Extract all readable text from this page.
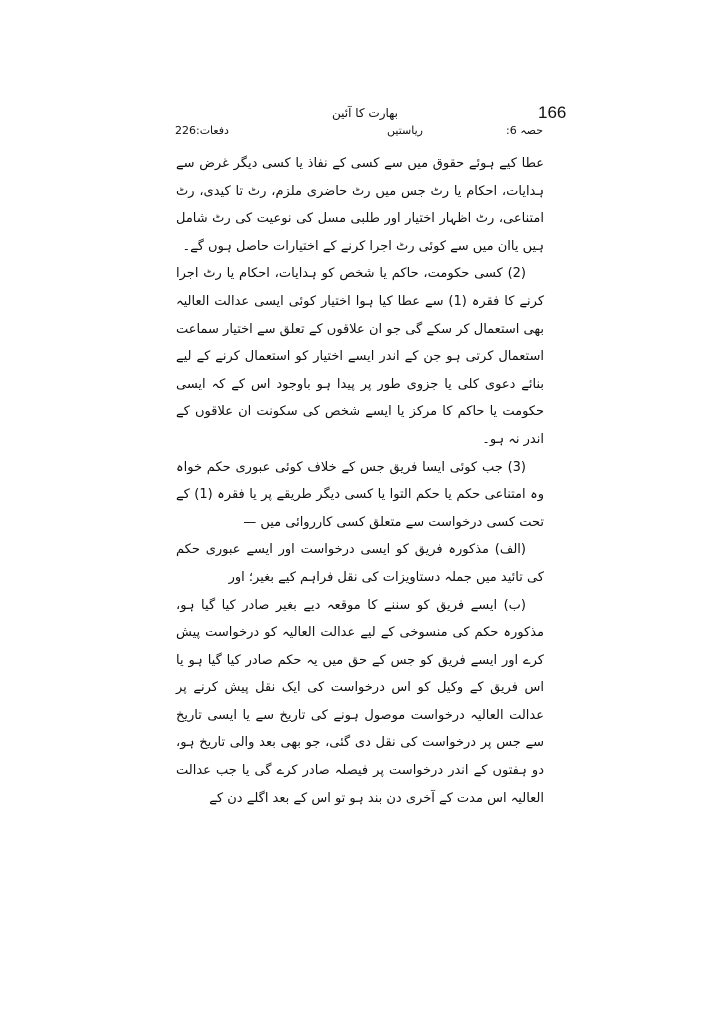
166
بھارت کا آئین
حصہ 6:
ریاستیں
دفعات:226

عطا کیے ہوئے حقوق میں سے کسی کے نفاذ یا کسی دیگر غرض سے ہدایات، احکام یا رٹ جس میں رٹ حاضری ملزم، رٹ تا کیدی، رٹ امتناعی، رٹ اظہار اختیار اور طلبی مسل کی نوعیت کی رٹ شامل ہیں یاان میں سے کوئی رٹ اجرا کرنے کے اختیارات حاصل ہوں گے۔

(2) کسی حکومت، حاکم یا شخص کو ہدایات، احکام یا رٹ اجرا کرنے کا فقرہ (1) سے عطا کیا ہوا اختیار کوئی ایسی عدالت العالیہ بھی استعمال کر سکے گی جو ان علاقوں کے تعلق سے اختیار سماعت استعمال کرتی ہو جن کے اندر ایسے اختیار کو استعمال کرنے کے لیے بنائے دعوی کلی یا جزوی طور پر پیدا ہو باوجود اس کے کہ ایسی حکومت یا حاکم کا مرکز یا ایسے شخص کی سکونت ان علاقوں کے اندر نہ ہو۔

(3) جب کوئی ایسا فریق جس کے خلاف کوئی عبوری حکم خواہ وہ امتناعی حکم یا حکم التوا یا کسی دیگر طریقے پر یا فقرہ (1) کے تحت کسی درخواست سے متعلق کسی کارروائی میں —

(الف) مذکورہ فریق کو ایسی درخواست اور ایسے عبوری حکم کی تائید میں جملہ دستاویزات کی نقل فراہم کیے بغیر؛ اور

(ب) ایسے فریق کو سننے کا موقعہ دیے بغیر صادر کیا گیا ہو، مذکورہ حکم کی منسوخی کے لیے عدالت العالیہ کو درخواست پیش کرے اور ایسے فریق کو جس کے حق میں یہ حکم صادر کیا گیا ہو یا اس فریق کے وکیل کو اس درخواست کی ایک نقل پیش کرنے پر عدالت العالیہ درخواست موصول ہونے کی تاریخ سے یا ایسی تاریخ سے جس پر درخواست کی نقل دی گئی، جو بھی بعد والی تاریخ ہو، دو ہفتوں کے اندر درخواست پر فیصلہ صادر کرے گی یا جب عدالت العالیہ اس مدت کے آخری دن بند ہو تو اس کے بعد اگلے دن کے
